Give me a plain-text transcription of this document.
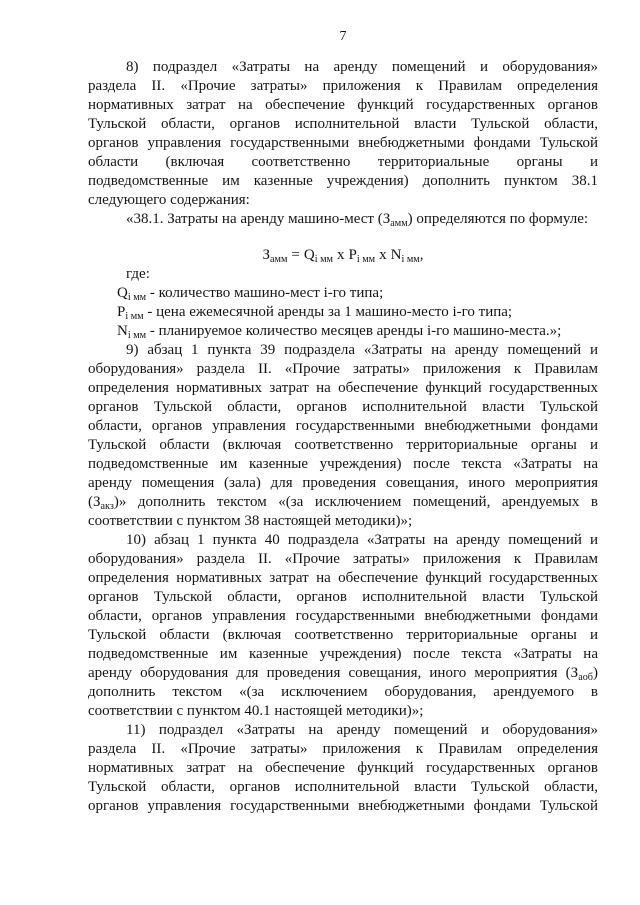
7
8) подраздел «Затраты на аренду помещений и оборудования»
раздела II. «Прочие затраты» приложения к Правилам определения
нормативных затрат на обеспечение функций государственных органов
Тульской области, органов исполнительной власти Тульской области,
органов управления государственными внебюджетными фондами Тульской
области (включая соответственно территориальные органы и
подведомственные им казенные учреждения) дополнить пунктом 38.1
следующего содержания:
«38.1. Затраты на аренду машино-мест $(З_{амм})$ определяются по формуле:
$З_{амм} = Q_{i мм}$ x $P_{i мм}$ x $N_{i мм}$,
где:
$Q_{i мм}$ - количество машино-мест i-го типа;
$P_{i мм}$ - цена ежемесячной аренды за 1 машино-место i-го типа;
$N_{i мм}$ - планируемое количество месяцев аренды i-го машино-места.»;
9) абзац 1 пункта 39 подраздела «Затраты на аренду помещений и
оборудования» раздела II. «Прочие затраты» приложения к Правилам
определения нормативных затрат на обеспечение функций государственных
органов Тульской области, органов исполнительной власти Тульской
области, органов управления государственными внебюджетными фондами
Тульской области (включая соответственно территориальные органы и
подведомственные им казенные учреждения) после текста «Затраты на
аренду помещения (зала) для проведения совещания, иного мероприятия
$(З_{акз})$» дополнить текстом «(за исключением помещений, арендуемых в
соответствии с пунктом 38 настоящей методики)»;
10) абзац 1 пункта 40 подраздела «Затраты на аренду помещений и
оборудования» раздела II. «Прочие затраты» приложения к Правилам
определения нормативных затрат на обеспечение функций государственных
органов Тульской области, органов исполнительной власти Тульской
области, органов управления государственными внебюджетными фондами
Тульской области (включая соответственно территориальные органы и
подведомственные им казенные учреждения) после текста «Затраты на
аренду оборудования для проведения совещания, иного мероприятия $(З_{аоб})$
дополнить текстом «(за исключением оборудования, арендуемого в
соответствии с пунктом 40.1 настоящей методики)»;
11) подраздел «Затраты на аренду помещений и оборудования»
раздела II. «Прочие затраты» приложения к Правилам определения
нормативных затрат на обеспечение функций государственных органов
Тульской области, органов исполнительной власти Тульской области,
органов управления государственными внебюджетными фондами Тульской
